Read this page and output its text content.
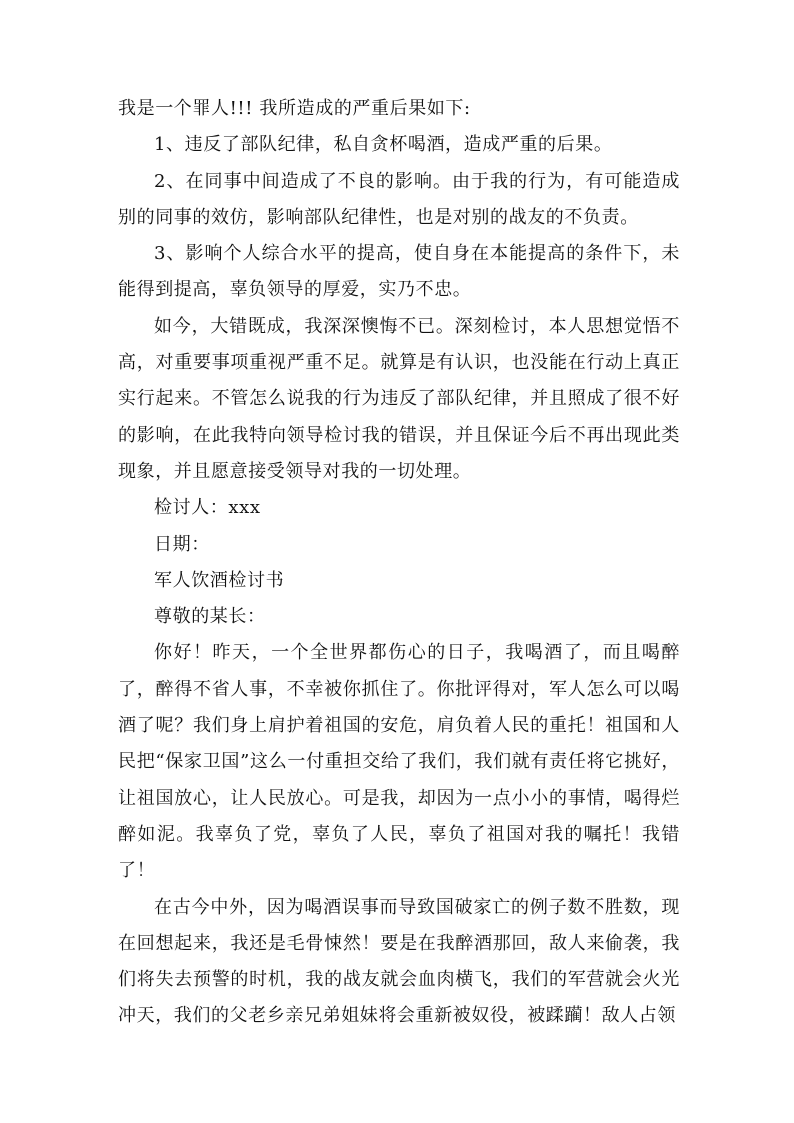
我是一个罪人!!! 我所造成的严重后果如下:

1、违反了部队纪律，私自贪杯喝酒，造成严重的后果。

2、在同事中间造成了不良的影响。由于我的行为，有可能造成别的同事的效仿，影响部队纪律性，也是对别的战友的不负责。

3、影响个人综合水平的提高，使自身在本能提高的条件下，未能得到提高，辜负领导的厚爱，实乃不忠。

如今，大错既成，我深深懊悔不已。深刻检讨，本人思想觉悟不高，对重要事项重视严重不足。就算是有认识，也没能在行动上真正实行起来。不管怎么说我的行为违反了部队纪律，并且照成了很不好的影响，在此我特向领导检讨我的错误，并且保证今后不再出现此类现象，并且愿意接受领导对我的一切处理。

检讨人：xxx

日期：

军人饮酒检讨书

尊敬的某长：

你好！昨天，一个全世界都伤心的日子，我喝酒了，而且喝醉了，醉得不省人事，不幸被你抓住了。你批评得对，军人怎么可以喝酒了呢？我们身上肩护着祖国的安危，肩负着人民的重托！祖国和人民把“保家卫国”这么一付重担交给了我们，我们就有责任将它挑好，让祖国放心，让人民放心。可是我，却因为一点小小的事情，喝得烂醉如泥。我辜负了党，辜负了人民，辜负了祖国对我的嘱托！我错了！

在古今中外，因为喝酒误事而导致国破家亡的例子数不胜数，现在回想起来，我还是毛骨悚然！要是在我醉酒那回，敌人来偷袭，我们将失去预警的时机，我的战友就会血肉横飞，我们的军营就会火光冲天，我们的父老乡亲兄弟姐妹将会重新被奴役，被蹂躏！敌人占领
